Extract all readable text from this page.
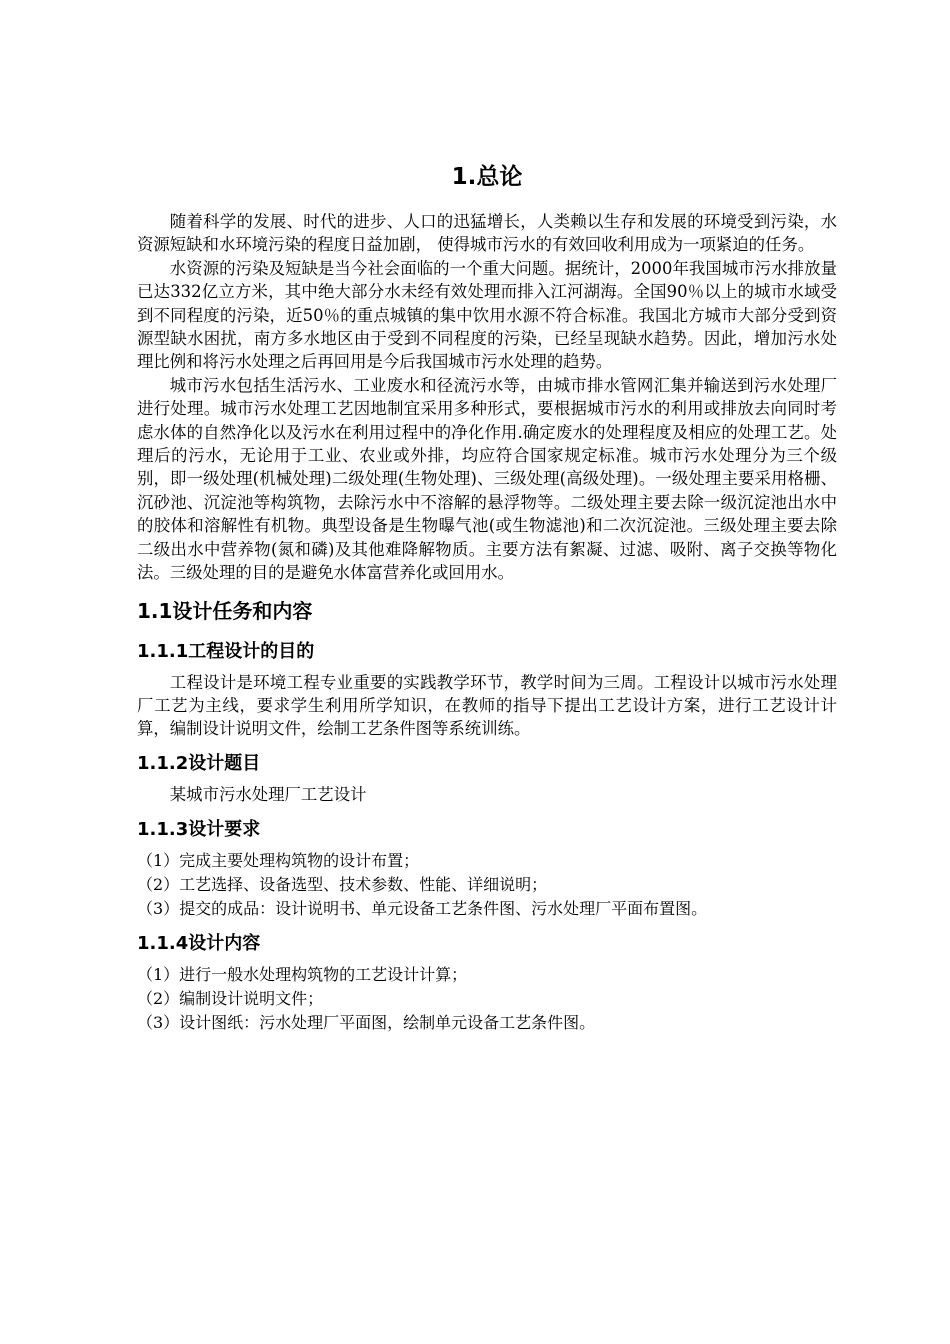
1.总论

随着科学的发展、时代的进步、人口的迅猛增长，人类赖以生存和发展的环境受到污染，水资源短缺和水环境污染的程度日益加剧， 使得城市污水的有效回收利用成为一项紧迫的任务。

水资源的污染及短缺是当今社会面临的一个重大问题。据统计，2000年我国城市污水排放量已达332亿立方米，其中绝大部分水未经有效处理而排入江河湖海。全国90％以上的城市水域受到不同程度的污染，近50％的重点城镇的集中饮用水源不符合标准。我国北方城市大部分受到资源型缺水困扰，南方多水地区由于受到不同程度的污染，已经呈现缺水趋势。因此，增加污水处理比例和将污水处理之后再回用是今后我国城市污水处理的趋势。

城市污水包括生活污水、工业废水和径流污水等，由城市排水管网汇集并输送到污水处理厂进行处理。城市污水处理工艺因地制宜采用多种形式，要根据城市污水的利用或排放去向同时考虑水体的自然净化以及污水在利用过程中的净化作用.确定废水的处理程度及相应的处理工艺。处理后的污水，无论用于工业、农业或外排，均应符合国家规定标准。城市污水处理分为三个级别，即一级处理(机械处理)二级处理(生物处理)、三级处理(高级处理)。一级处理主要采用格栅、沉砂池、沉淀池等构筑物，去除污水中不溶解的悬浮物等。二级处理主要去除一级沉淀池出水中的胶体和溶解性有机物。典型设备是生物曝气池(或生物滤池)和二次沉淀池。三级处理主要去除二级出水中营养物(氮和磷)及其他难降解物质。主要方法有絮凝、过滤、吸附、离子交换等物化法。三级处理的目的是避免水体富营养化或回用水。

1.1设计任务和内容
1.1.1工程设计的目的

工程设计是环境工程专业重要的实践教学环节，教学时间为三周。工程设计以城市污水处理厂工艺为主线，要求学生利用所学知识，在教师的指导下提出工艺设计方案，进行工艺设计计算，编制设计说明文件，绘制工艺条件图等系统训练。

1.1.2设计题目

某城市污水处理厂工艺设计

1.1.3设计要求
（1）完成主要处理构筑物的设计布置；
（2）工艺选择、设备选型、技术参数、性能、详细说明；
（3）提交的成品：设计说明书、单元设备工艺条件图、污水处理厂平面布置图。
1.1.4设计内容
（1）进行一般水处理构筑物的工艺设计计算；
（2）编制设计说明文件；
（3）设计图纸：污水处理厂平面图，绘制单元设备工艺条件图。
